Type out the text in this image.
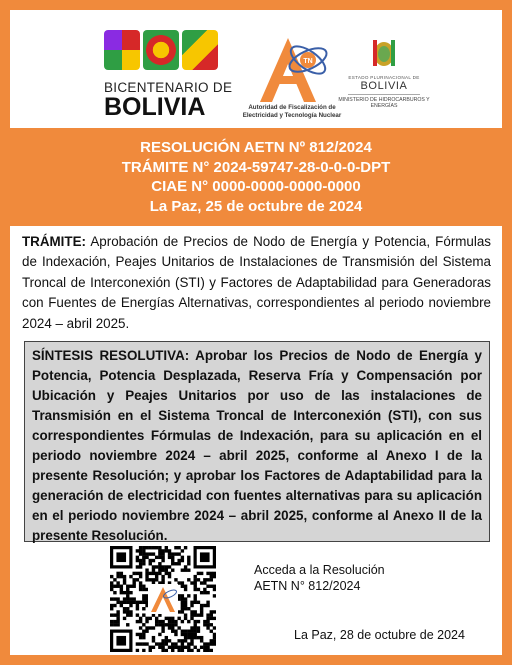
BICENTENARIO DE
BOLIVIA
TN
Autoridad de Fiscalización de Electricidad y Tecnología Nuclear
ESTADO PLURINACIONAL DE
BOLIVIA
MINISTERIO DE HIDROCARBUROS Y ENERGÍAS
RESOLUCIÓN AETN Nº 812/2024
TRÁMITE N° 2024-59747-28-0-0-0-DPT
CIAE N° 0000-0000-0000-0000
La Paz, 25 de octubre de 2024
TRÁMITE: Aprobación de Precios de Nodo de Energía y Potencia, Fórmulas de Indexación, Peajes Unitarios de Instalaciones de Transmisión del Sistema Troncal de Interconexión (STI) y Factores de Adaptabilidad para Generadoras con Fuentes de Energías Alternativas, correspondientes al periodo noviembre 2024 – abril 2025.
SÍNTESIS RESOLUTIVA: Aprobar los Precios de Nodo de Energía y Potencia, Potencia Desplazada, Reserva Fría y Compensación por Ubicación y Peajes Unitarios por uso de las instalaciones de Transmisión en el Sistema Troncal de Interconexión (STI), con sus correspondientes Fórmulas de Indexación, para su aplicación en el periodo noviembre 2024 – abril 2025, conforme al Anexo I de la presente Resolución; y aprobar los Factores de Adaptabilidad para la generación de electricidad con fuentes alternativas para su aplicación en el periodo noviembre 2024 – abril 2025, conforme al Anexo II de la presente Resolución.
Acceda a la Resolución
AETN N° 812/2024
La Paz, 28 de octubre de 2024
